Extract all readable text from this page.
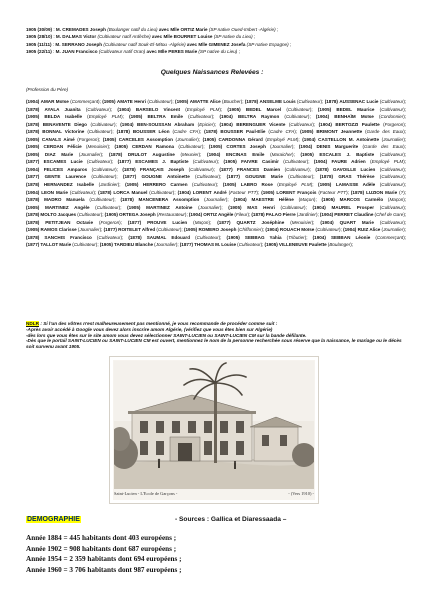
1905 (30/09) : M. CREMADES Joseph (Boulanger natif du Lieu) avec Mlle ORTIZ Marie (SP native Oued-Imbert -Algérie) ;
1905 (28/10) : M. DALMAS Victor (Cultivateur natif Ardèche) avec Mlle BOURRET Louise (SP native du Lieu) ;
1905 (11/11) : M. SERRANO Joseph (Cultivateur natif Souk-El-Mitou -Algérie) avec Mlle GIMENEZ Josefa (SP native Espagne) ;
1905 (22/11) : M. JUAN Francisco (Cultivateur natif Oran) avec Mlle PERES Marie (SP native du Lieu) ;
Quelques Naissances Relevées :
(Profession du Père)
(1904) AMAR Moïse (Commerçant); (1905) AMATE Henri (Cultivateur); (1905) AMATTE Alice (Boucher); (1878) ANSELME Louis (Cultivateur); (1878) AUSSENAC Lucie (Cultivateur); (1878) AYALA Juanita (Cultivateur); (1904) BARSELO Vincent (Employé PLM); (1905) BEDEL Marcel (Cultivateur); (1905) BEDEL Maurice (Cultivateur); (1905) BELDA Isabelle (Employé PLM); (1905) BELTRA Emile (Cultivateur); (1904) BELTRA Raymon (Cultivateur); (1904) BENHAÏM Moïse (Cordonnier); (1878) BENAVENTE Diego (Cultivateur); (1904) BEN-SOUSSAN Abraham (Epicier); (1904) BERENGUER Vicente (Cultivateur); (1904) BERTOZZI Paulette (Forgeron); (1878) BONNAL Victorine (Cultivateur); (1878) BOUSSER Léon (Cadre CFA); (1878) BOUSSER Paul-Elie (Cadre CFA); (1905) BRIMONT Jeannette (Garde des Eaux); (1905) CANALS Aimé (Forgeron); (1905) CARCELES Assomption (Journalier); (1905) CARDONNA Gérard (Employé PLM); (1904) CASTELLON M. Antoinette (Journalier); (1905) CERDAN Félicie (Menuisier); (1905) CERDAN Ramona (Cultivateur); (1905) CORTES Joseph (Journalier); (1904) DENIS Marguerite (Garde des Eaux); (1905) DIAZ Marie (Journalier); (1878) DRULOT Augustine (Meunier); (1904) ENCINAS Emile (Maraicher); (1905) ESCALES J. Baptiste (Cultivateur); (1877) ESCAMES Lucie (Cultivateur); (1877) ESCAMES J. Baptiste (Cultivateur); (1905) FAIVRE Casimir (Cultivateur); (1904) FAURE Adrien (Employé PLM); (1904) FELICES Amparos (Cultivateur); (1878) FRANÇAIS Joseph (Cultivateur); (1877) FRANCES Damien (Cultivateur); (1878) GAVOILLE Lucien (Cultivateur); (1877) GENTE Laurence (Cultivateur); (1877) GOUGNE Antoinette (Cultivateur); (1877) GOUGNE Marie (Cultivateur); (1878) GRAS Thérèse (Cultivateur); (1878) HERNANDEZ Isabelle (Jardinier); (1905) HERRERO Carmen (Cultivateur); (1905) LABRO Rose (Employé PLM); (1905) LAMASSE Adèle (Cultivateur); (1904) LEON Marie (Cultivateur); (1878) LORCA Manuel (Cultivateur); (1904) LORENT André (Facteur PTT); (1905) LORENT François (Facteur PTT); (1878) LUZION Marie (?); (1878) MADRO Manuela (Cultivateur); (1878) MANCENERA Assomption (Journalier); (1904) MAESTRE Hélène (Maçon); (1905) MARCOS Carmélo (Maçon); (1905) MARTINEZ Angèle (Cultivateur); (1905) MARTINEZ Antoine (Journalier); (1905) MAS Henri (Cultivateur); (1904) MAUREL Prosper (Cultivateur); (1878) MOLTO Jacques (Cultivateur); (1905) ORTEGA Joseph (Restaurateur); (1904) ORTIZ Angèle (Fileur); (1878) PALAO Pierre (Jardinier); (1904) PERRET Claudine (Chef de Gare); (1878) PETITJEAN Octavie (Forgeron); (1877) PROUVE Lucien (Maçon); (1877) QUARTZ Joséphine (Menuisier); (1904) QUART Marie (Cultivateur); (1905) RAMOS Clarisse (Journalier); (1877) ROITELET Alfred (Cultivateur); (1905) ROMERO Joseph (Chiffonnier); (1904) ROUACH Moïse (Cultivateur); (1904) RUIZ Alice (Journalier); (1878) SANCHIS Francisco (Cultivateur); (1878) SAUMAL Edouard (Cultivateur); (1905) SEBBAG Yahia (Tributier); (1904) SEBBAN Léonie (Commerçant); (1877) TALLOT Marie (Cultivateur); (1905) TARDIEU Blanche (Journalier); (1877) THOMAS M. Louise (Cultivateur); (1905) VILLENEUVE Paulette (Boulanger);
NDLR : Si l'un des vôtres n'est malheureusement pas mentionné, je vous recommande de procéder comme suit :
-Après avoir accédé à Google vous devez alors inscrire amom Algérie, (vérifiez que vous êtes bien sur Algérie)
-dès lors que vous êtes sur le site amom vous devez sélectionner SAINT-LUCIEN ou SAINT-LUCIEN CM sur la bande défilante.
-Dès que le portail SAINT-LUCIEN ou SAINT-LUCIEN CM est ouvert, mentionnez le nom de la personne recherchée sous réserve que la naissance, le mariage ou le décès soit survenu avant 1905.
Saint-Lucien - L'Ecole de Garçons -	- (Vers 1910) -
DEMOGRAPHIE	- Sources : Gallica et Diaressaada –
Année 1884 = 445 habitants dont 403 européens ;
Année 1902 = 908 habitants dont 687 européens ;
Année 1954 = 2 359 habitants dont 694 européens ;
Année 1960 = 3 706 habitants dont 987 européens ;
